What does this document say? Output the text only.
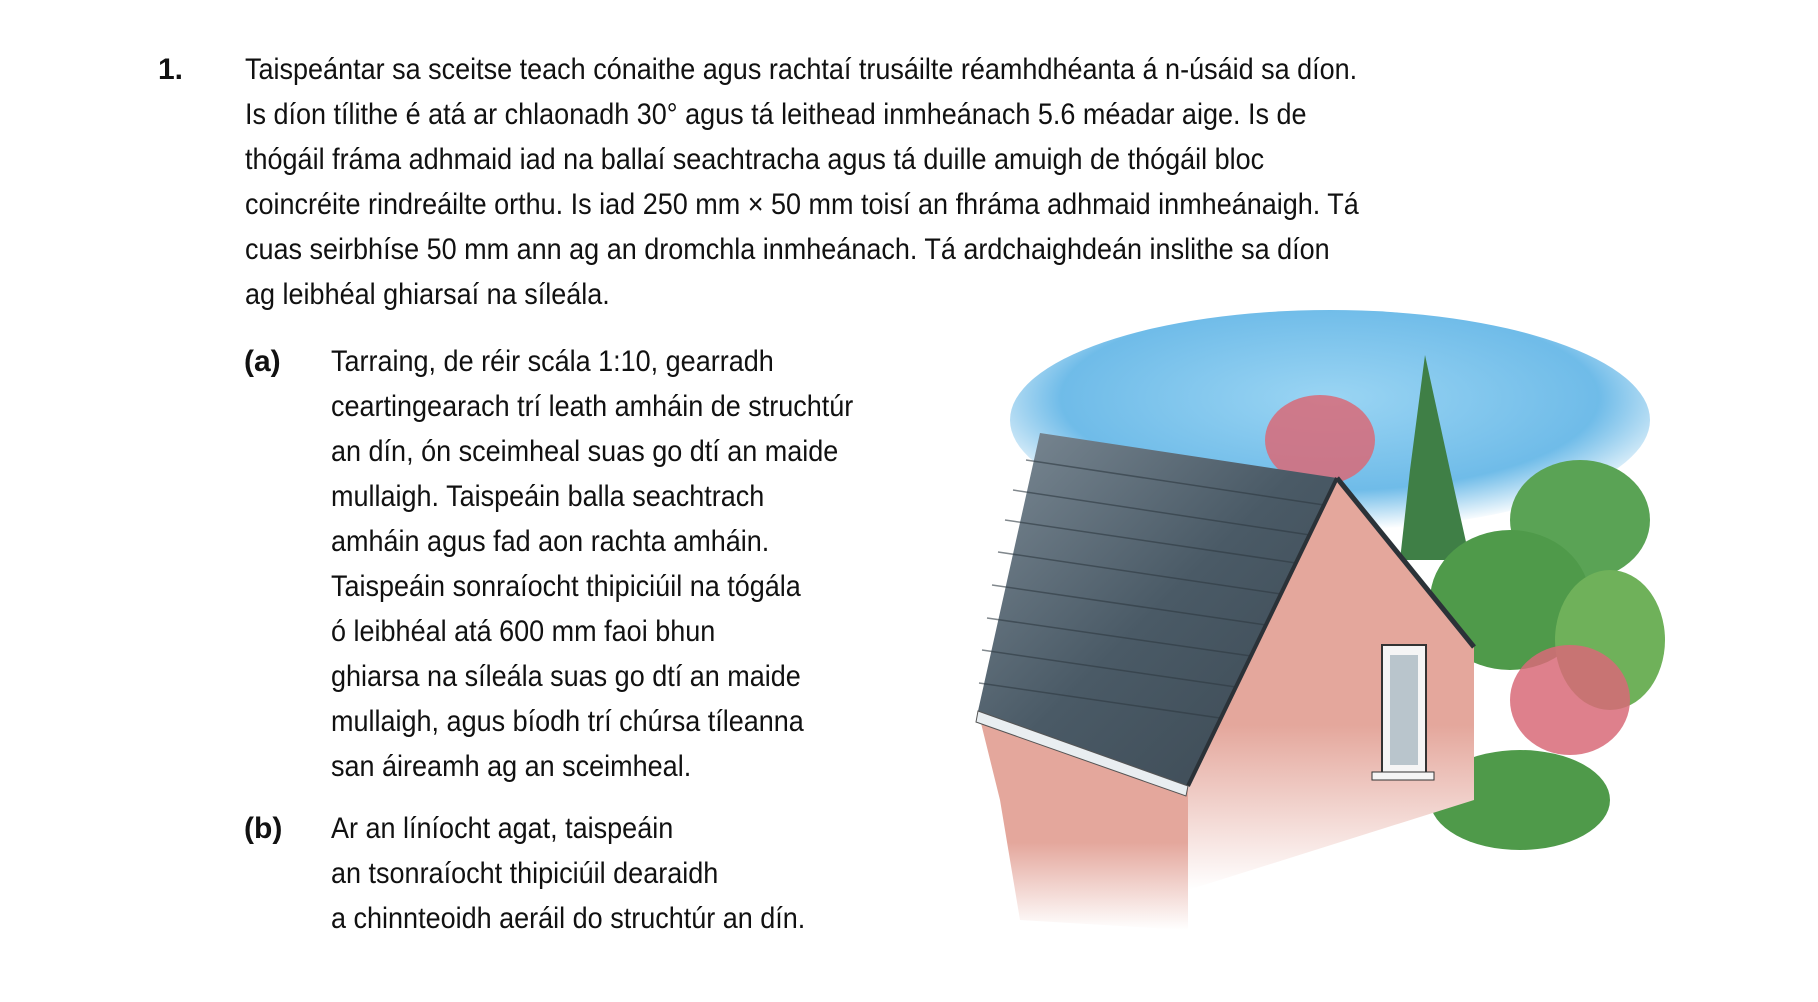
1. Taispeántar sa sceitse teach cónaithe agus rachtaí trusáilte réamhdhéanta á n-úsáid sa díon.
Is díon tílithe é atá ar chlaonadh 30° agus tá leithead inmheánach 5.6 méadar aige. Is de
thógáil fráma adhmaid iad na ballaí seachtracha agus tá duille amuigh de thógáil bloc
coincréite rindreáilte orthu. Is iad 250 mm × 50 mm toisí an fhráma adhmaid inmheánaigh. Tá
cuas seirbhíse 50 mm ann ag an dromchla inmheánach. Tá ardchaighdeán inslithe sa díon
ag leibhéal ghiarsaí na síleála.
(a) Tarraing, de réir scála 1:10, gearradh
ceartingearach trí leath amháin de struchtúr
an dín, ón sceimheal suas go dtí an maide
mullaigh. Taispeáin balla seachtrach
amháin agus fad aon rachta amháin.
Taispeáin sonraíocht thipiciúil na tógála
ó leibhéal atá 600 mm faoi bhun
ghiarsa na síleála suas go dtí an maide
mullaigh, agus bíodh trí chúrsa tíleanna
san áireamh ag an sceimheal.
(b) Ar an líníocht agat, taispeáin
an tsonraíocht thipiciúil dearaidh
a chinnteoidh aeráil do struchtúr an dín.
